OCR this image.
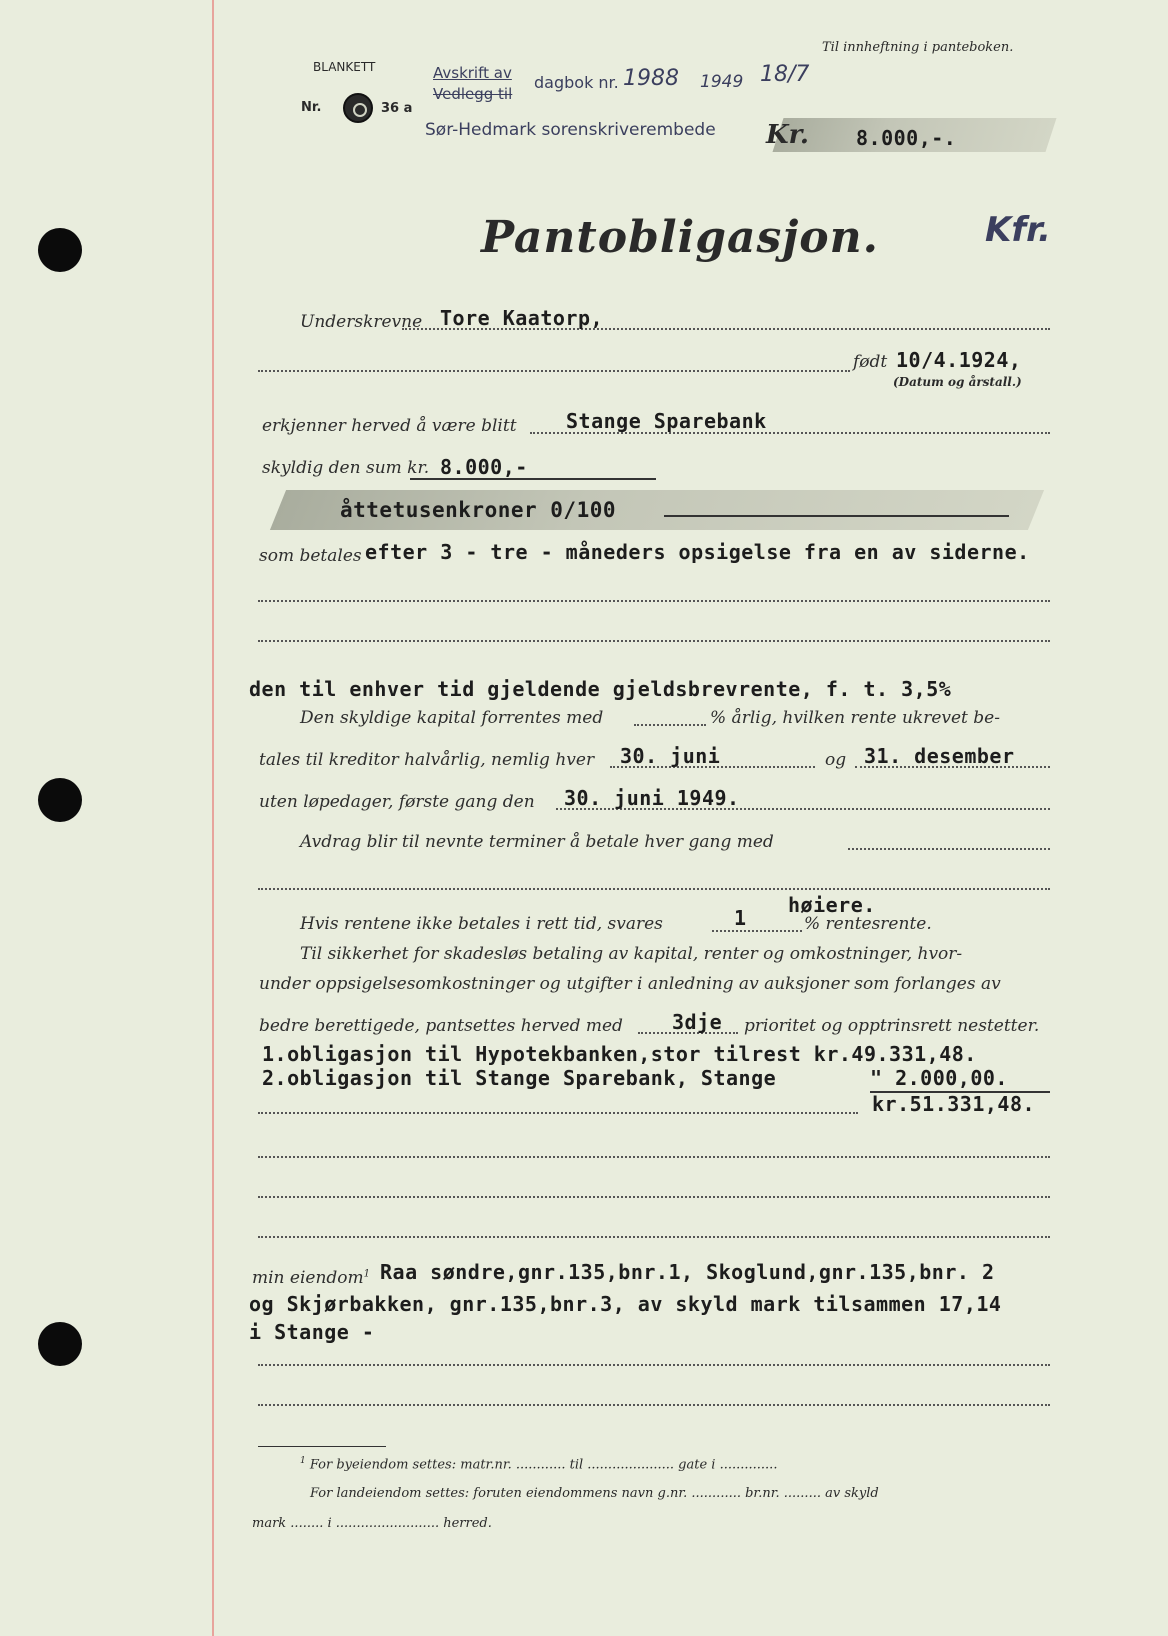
Til innheftning i panteboken.
BLANKETT	Avskrift av
Vedlegg til
dagbok nr. 1988 1949 18/7
Nr.	36 a
Sør-Hedmark sorenskriverembede Kr. 8.000,-.
Pantobligasjon.	Kfr.
Underskrevne Tore Kaatorp,
født 10/4.1924,
(Datum og årstall.)
erkjenner herved å være blitt Stange Sparebank
skyldig den sum kr. 8.000,-
åttetusenkroner 0/100
som betales efter 3 - tre - måneders opsigelse fra en av siderne.
den til enhver tid gjeldende gjeldsbrevrente, f. t. 3,5%
Den skyldige kapital forrentes med	% årlig, hvilken rente ukrevet be-
tales til kreditor halvårlig, nemlig hver 30. juni	og 31. desember
uten løpedager, første gang den 30. juni 1949.
Avdrag blir til nevnte terminer å betale hver gang med
høiere.
Hvis rentene ikke betales i rett tid, svares	1	% rentesrente.
Til sikkerhet for skadesløs betaling av kapital, renter og omkostninger, hvor-
under oppsigelsesomkostninger og utgifter i anledning av auksjoner som forlanges av
bedre berettigede, pantsettes herved med 3dje prioritet og opptrinsrett nestetter.
1.obligasjon til Hypotekbanken,stor tilrest kr.49.331,48.
2.obligasjon til Stange Sparebank, Stange	" 2.000,00.
kr.51.331,48.
min eiendom$^1$ Raa søndre,gnr.135,bnr.1, Skoglund,gnr.135,bnr. 2
og Skjørbakken, gnr.135,bnr.3, av skyld mark tilsammen 17,14
i Stange -
$^1$ For byeiendom settes: matr.nr. ............ til ..................... gate i ..............
For landeiendom settes: foruten eiendommens navn g.nr. ............ br.nr. ......... av skyld
mark ........ i ......................... herred.
